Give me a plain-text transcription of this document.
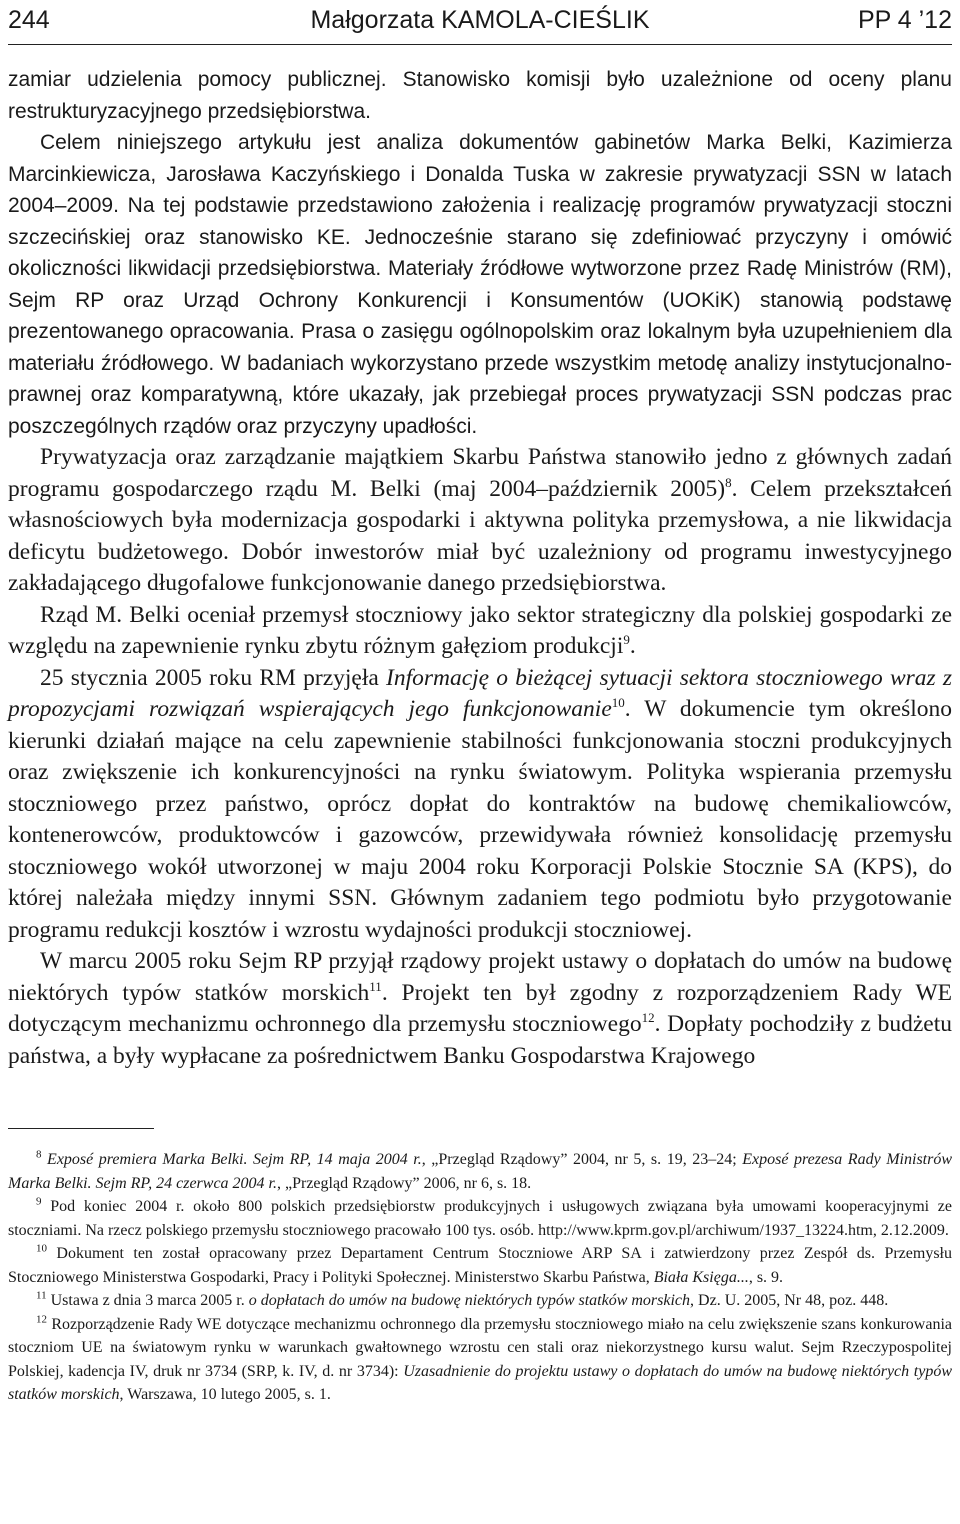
244	Małgorzata KAMOLA-CIEŚLIK	PP 4 ’12

zamiar udzielenia pomocy publicznej. Stanowisko komisji było uzależnione od oceny planu restrukturyzacyjnego przedsiębiorstwa.

Celem niniejszego artykułu jest analiza dokumentów gabinetów Marka Belki, Kazimierza Marcinkiewicza, Jarosława Kaczyńskiego i Donalda Tuska w zakresie prywatyzacji SSN w latach 2004–2009. Na tej podstawie przedstawiono założenia i realizację programów prywatyzacji stoczni szczecińskiej oraz stanowisko KE. Jednocześnie starano się zdefiniować przyczyny i omówić okoliczności likwidacji przedsiębiorstwa. Materiały źródłowe wytworzone przez Radę Ministrów (RM), Sejm RP oraz Urząd Ochrony Konkurencji i Konsumentów (UOKiK) stanowią podstawę prezentowanego opracowania. Prasa o zasięgu ogólnopolskim oraz lokalnym była uzupełnieniem dla materiału źródłowego. W badaniach wykorzystano przede wszystkim metodę analizy instytucjonalno-prawnej oraz komparatywną, które ukazały, jak przebiegał proces prywatyzacji SSN podczas prac poszczególnych rządów oraz przyczyny upadłości.

Prywatyzacja oraz zarządzanie majątkiem Skarbu Państwa stanowiło jedno z głównych zadań programu gospodarczego rządu M. Belki (maj 2004–październik 2005)$^8$. Celem przekształceń własnościowych była modernizacja gospodarki i aktywna polityka przemysłowa, a nie likwidacja deficytu budżetowego. Dobór inwestorów miał być uzależniony od programu inwestycyjnego zakładającego długofalowe funkcjonowanie danego przedsiębiorstwa.

Rząd M. Belki oceniał przemysł stoczniowy jako sektor strategiczny dla polskiej gospodarki ze względu na zapewnienie rynku zbytu różnym gałęziom produkcji$^9$.

25 stycznia 2005 roku RM przyjęła Informację o bieżącej sytuacji sektora stoczniowego wraz z propozycjami rozwiązań wspierających jego funkcjonowanie$^{10}$. W dokumencie tym określono kierunki działań mające na celu zapewnienie stabilności funkcjonowania stoczni produkcyjnych oraz zwiększenie ich konkurencyjności na rynku światowym. Polityka wspierania przemysłu stoczniowego przez państwo, oprócz dopłat do kontraktów na budowę chemikaliowców, kontenerowców, produktowców i gazowców, przewidywała również konsolidację przemysłu stoczniowego wokół utworzonej w maju 2004 roku Korporacji Polskie Stocznie SA (KPS), do której należała między innymi SSN. Głównym zadaniem tego podmiotu było przygotowanie programu redukcji kosztów i wzrostu wydajności produkcji stoczniowej.

W marcu 2005 roku Sejm RP przyjął rządowy projekt ustawy o dopłatach do umów na budowę niektórych typów statków morskich$^{11}$. Projekt ten był zgodny z rozporządzeniem Rady WE dotyczącym mechanizmu ochronnego dla przemysłu stoczniowego$^{12}$. Dopłaty pochodziły z budżetu państwa, a były wypłacane za pośrednictwem Banku Gospodarstwa Krajowego

$^8$ Exposé premiera Marka Belki. Sejm RP, 14 maja 2004 r., „Przegląd Rządowy” 2004, nr 5, s. 19, 23–24; Exposé prezesa Rady Ministrów Marka Belki. Sejm RP, 24 czerwca 2004 r., „Przegląd Rządowy” 2006, nr 6, s. 18.

$^9$ Pod koniec 2004 r. około 800 polskich przedsiębiorstw produkcyjnych i usługowych związana była umowami kooperacyjnymi ze stoczniami. Na rzecz polskiego przemysłu stoczniowego pracowało 100 tys. osób. http://www.kprm.gov.pl/archiwum/1937_13224.htm, 2.12.2009.

$^{10}$ Dokument ten został opracowany przez Departament Centrum Stoczniowe ARP SA i zatwierdzony przez Zespół ds. Przemysłu Stoczniowego Ministerstwa Gospodarki, Pracy i Polityki Społecznej. Ministerstwo Skarbu Państwa, Biała Księga..., s. 9.

$^{11}$ Ustawa z dnia 3 marca 2005 r. o dopłatach do umów na budowę niektórych typów statków morskich, Dz. U. 2005, Nr 48, poz. 448.

$^{12}$ Rozporządzenie Rady WE dotyczące mechanizmu ochronnego dla przemysłu stoczniowego miało na celu zwiększenie szans konkurowania stoczniom UE na światowym rynku w warunkach gwałtownego wzrostu cen stali oraz niekorzystnego kursu walut. Sejm Rzeczypospolitej Polskiej, kadencja IV, druk nr 3734 (SRP, k. IV, d. nr 3734): Uzasadnienie do projektu ustawy o dopłatach do umów na budowę niektórych typów statków morskich, Warszawa, 10 lutego 2005, s. 1.
